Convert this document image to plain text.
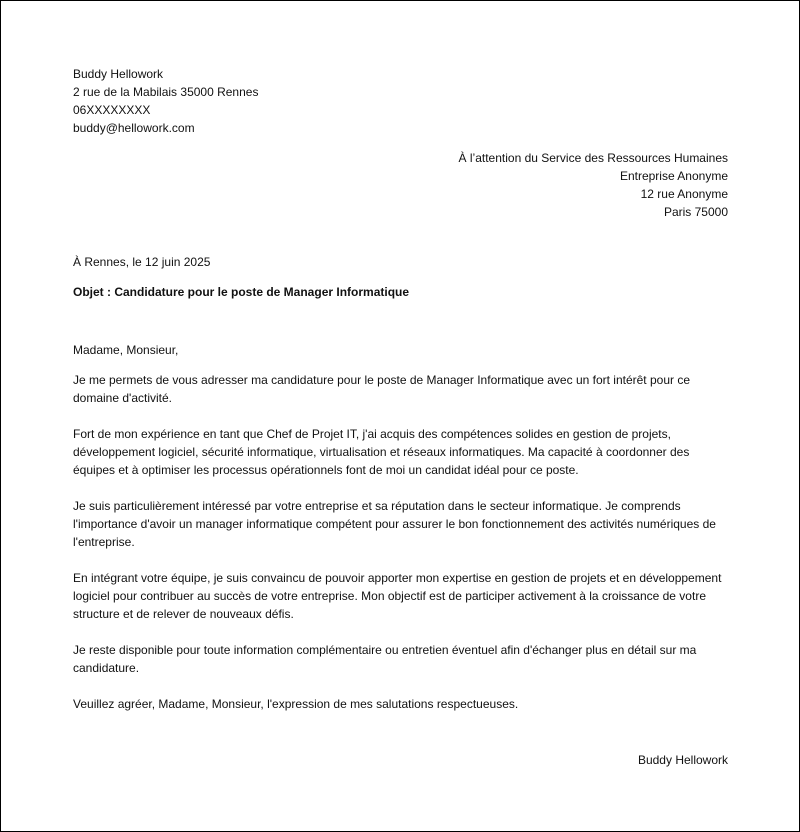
Buddy Hellowork
2 rue de la Mabilais 35000 Rennes
06XXXXXXXX
buddy@hellowork.com
À l’attention du Service des Ressources Humaines
Entreprise Anonyme
12 rue Anonyme
Paris 75000
À Rennes, le 12 juin 2025
Objet : Candidature pour le poste de Manager Informatique
Madame, Monsieur,
Je me permets de vous adresser ma candidature pour le poste de Manager Informatique avec un fort intérêt pour ce domaine d'activité.
Fort de mon expérience en tant que Chef de Projet IT, j'ai acquis des compétences solides en gestion de projets, développement logiciel, sécurité informatique, virtualisation et réseaux informatiques. Ma capacité à coordonner des équipes et à optimiser les processus opérationnels font de moi un candidat idéal pour ce poste.
Je suis particulièrement intéressé par votre entreprise et sa réputation dans le secteur informatique. Je comprends l'importance d'avoir un manager informatique compétent pour assurer le bon fonctionnement des activités numériques de l'entreprise.
En intégrant votre équipe, je suis convaincu de pouvoir apporter mon expertise en gestion de projets et en développement logiciel pour contribuer au succès de votre entreprise. Mon objectif est de participer activement à la croissance de votre structure et de relever de nouveaux défis.
Je reste disponible pour toute information complémentaire ou entretien éventuel afin d'échanger plus en détail sur ma candidature.
Veuillez agréer, Madame, Monsieur, l'expression de mes salutations respectueuses.
Buddy Hellowork
